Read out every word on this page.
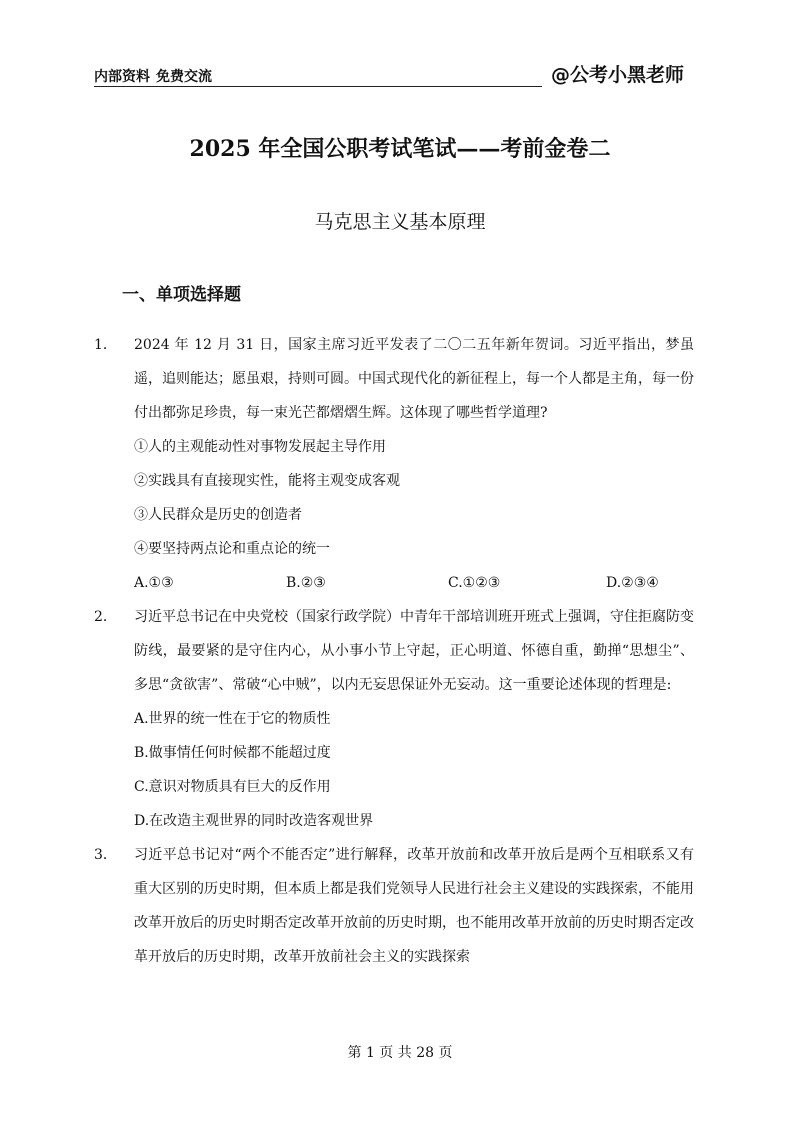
内部资料 免费交流	@公考小黑老师
2025 年全国公职考试笔试——考前金卷二
马克思主义基本原理
一、单项选择题
1． 2024 年 12 月 31 日，国家主席习近平发表了二〇二五年新年贺词。习近平指出，梦虽遥，追则能达；愿虽艰，持则可圆。中国式现代化的新征程上，每一个人都是主角，每一份付出都弥足珍贵，每一束光芒都熠熠生辉。这体现了哪些哲学道理?
①人的主观能动性对事物发展起主导作用
②实践具有直接现实性，能将主观变成客观
③人民群众是历史的创造者
④要坚持两点论和重点论的统一
A.①③	B.②③	C.①②③	D.②③④
2． 习近平总书记在中央党校（国家行政学院）中青年干部培训班开班式上强调，守住拒腐防变防线，最要紧的是守住内心，从小事小节上守起，正心明道、怀德自重，勤掸“思想尘”、多思“贪欲害”、常破“心中贼”，以内无妄思保证外无妄动。这一重要论述体现的哲理是:
A.世界的统一性在于它的物质性
B.做事情任何时候都不能超过度
C.意识对物质具有巨大的反作用
D.在改造主观世界的同时改造客观世界
3． 习近平总书记对“两个不能否定”进行解释，改革开放前和改革开放后是两个互相联系又有重大区别的历史时期，但本质上都是我们党领导人民进行社会主义建设的实践探索，不能用改革开放后的历史时期否定改革开放前的历史时期，也不能用改革开放前的历史时期否定改革开放后的历史时期，改革开放前社会主义的实践探索
第 1 页 共 28 页
